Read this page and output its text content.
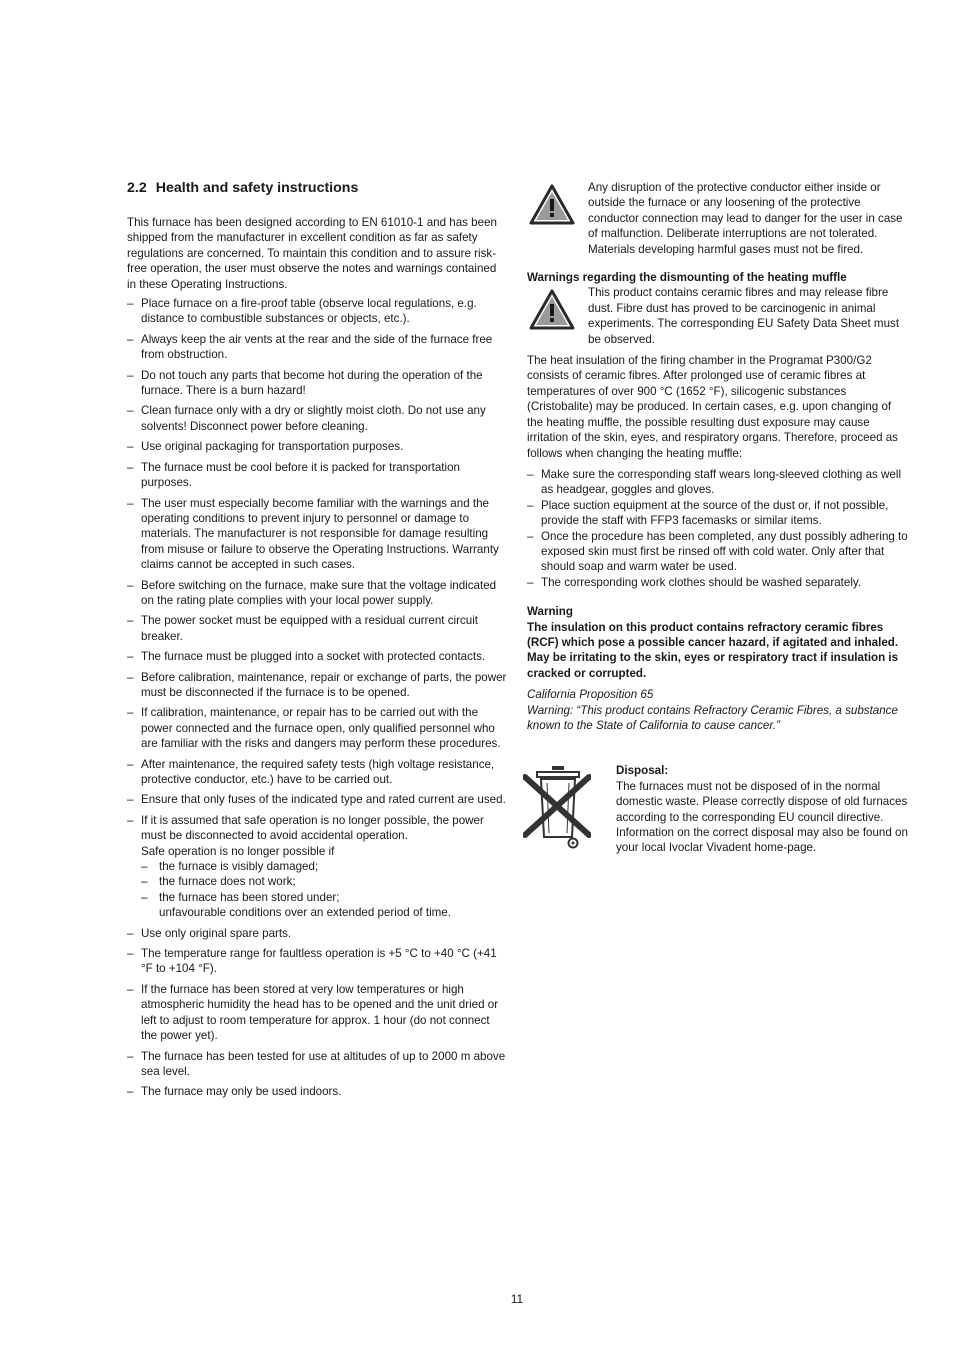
2.2 Health and safety instructions

This furnace has been designed according to EN 61010-1 and has been shipped from the manufacturer in excellent condition as far as safety regulations are concerned. To maintain this condition and to assure risk-free operation, the user must observe the notes and warnings contained in these Operating Instructions.

– Place furnace on a fire-proof table (observe local regulations, e.g. distance to combustible substances or objects, etc.).
– Always keep the air vents at the rear and the side of the furnace free from obstruction.
– Do not touch any parts that become hot during the operation of the furnace. There is a burn hazard!
– Clean furnace only with a dry or slightly moist cloth. Do not use any solvents! Disconnect power before cleaning.
– Use original packaging for transportation purposes.
– The furnace must be cool before it is packed for transportation purposes.
– The user must especially become familiar with the warnings and the operating conditions to prevent injury to personnel or damage to materials. The manufacturer is not responsible for damage resulting from misuse or failure to observe the Operating Instructions. Warranty claims cannot be accepted in such cases.
– Before switching on the furnace, make sure that the voltage indicated on the rating plate complies with your local power supply.
– The power socket must be equipped with a residual current circuit breaker.
– The furnace must be plugged into a socket with protected contacts.
– Before calibration, maintenance, repair or exchange of parts, the power must be disconnected if the furnace is to be opened.
– If calibration, maintenance, or repair has to be carried out with the power connected and the furnace open, only qualified personnel who are familiar with the risks and dangers may perform these procedures.
– After maintenance, the required safety tests (high voltage resistance, protective conductor, etc.) have to be carried out.
– Ensure that only fuses of the indicated type and rated current are used.
– If it is assumed that safe operation is no longer possible, the power must be disconnected to avoid accidental operation.
Safe operation is no longer possible if
– the furnace is visibly damaged;
– the furnace does not work;
– the furnace has been stored under;
unfavourable conditions over an extended period of time.
– Use only original spare parts.
– The temperature range for faultless operation is +5 °C to +40 °C (+41 °F to +104 °F).
– If the furnace has been stored at very low temperatures or high atmospheric humidity the head has to be opened and the unit dried or left to adjust to room temperature for approx. 1 hour (do not connect the power yet).
– The furnace has been tested for use at altitudes of up to 2000 m above sea level.
– The furnace may only be used indoors.

Any disruption of the protective conductor either inside or outside the furnace or any loosening of the protective conductor connection may lead to danger for the user in case of malfunction. Deliberate interruptions are not tolerated. Materials developing harmful gases must not be fired.

Warnings regarding the dismounting of the heating muffle

This product contains ceramic fibres and may release fibre dust. Fibre dust has proved to be carcinogenic in animal experiments. The corresponding EU Safety Data Sheet must be observed.

The heat insulation of the firing chamber in the Programat P300/G2 consists of ceramic fibres. After prolonged use of ceramic fibres at temperatures of over 900 °C (1652 °F), silicogenic substances (Cristobalite) may be produced. In certain cases, e.g. upon changing of the heating muffle, the possible resulting dust exposure may cause irritation of the skin, eyes, and respiratory organs. Therefore, proceed as follows when changing the heating muffle:

– Make sure the corresponding staff wears long-sleeved clothing as well as headgear, goggles and gloves.
– Place suction equipment at the source of the dust or, if not possible, provide the staff with FFP3 facemasks or similar items.
– Once the procedure has been completed, any dust possibly adhering to exposed skin must first be rinsed off with cold water. Only after that should soap and warm water be used.
– The corresponding work clothes should be washed separately.

Warning

The insulation on this product contains refractory ceramic fibres (RCF) which pose a possible cancer hazard, if agitated and inhaled. May be irritating to the skin, eyes or respiratory tract if insulation is cracked or corrupted.

California Proposition 65

Warning: “This product contains Refractory Ceramic Fibres, a substance known to the State of California to cause cancer.”

Disposal:

The furnaces must not be disposed of in the normal domestic waste. Please correctly dispose of old furnaces according to the corresponding EU council directive. Information on the correct disposal may also be found on your local Ivoclar Vivadent home-page.

11
